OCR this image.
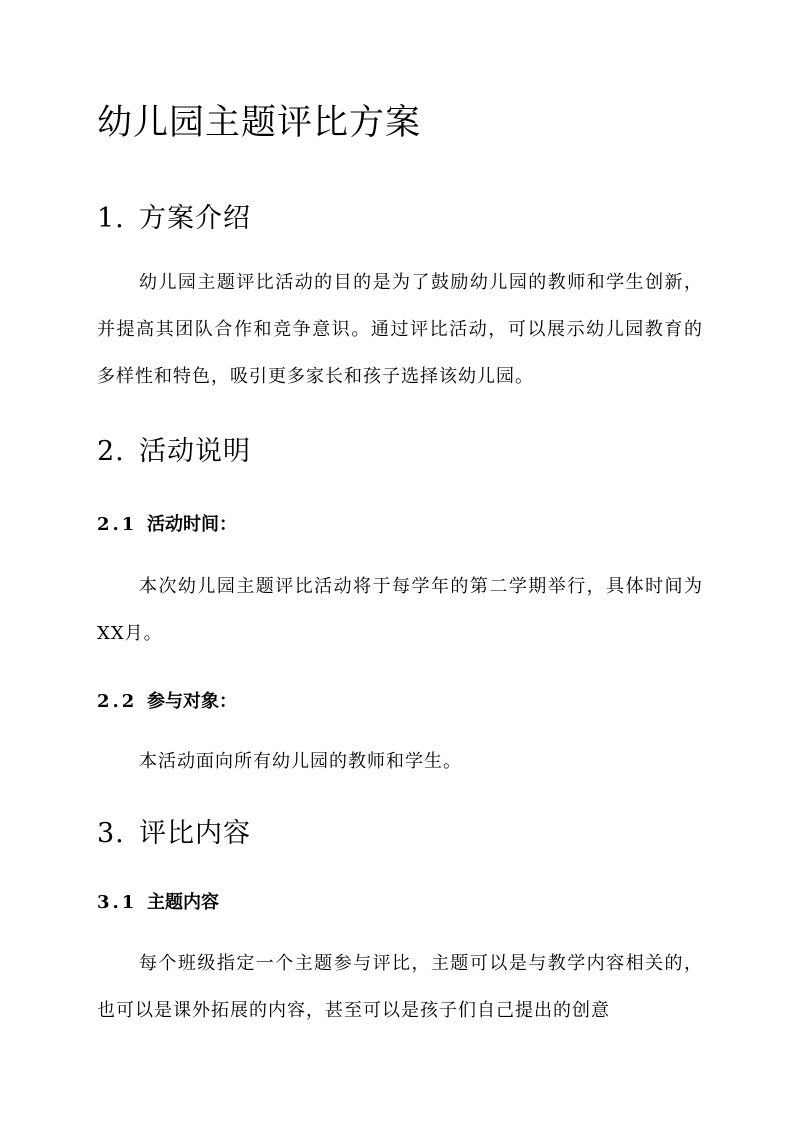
幼儿园主题评比方案
1. 方案介绍

幼儿园主题评比活动的目的是为了鼓励幼儿园的教师和学生创新，并提高其团队合作和竞争意识。通过评比活动，可以展示幼儿园教育的多样性和特色，吸引更多家长和孩子选择该幼儿园。

2. 活动说明
2.1 活动时间：

本次幼儿园主题评比活动将于每学年的第二学期举行，具体时间为XX月。

2.2 参与对象：

本活动面向所有幼儿园的教师和学生。

3. 评比内容
3.1 主题内容

每个班级指定一个主题参与评比，主题可以是与教学内容相关的，也可以是课外拓展的内容，甚至可以是孩子们自己提出的创意
